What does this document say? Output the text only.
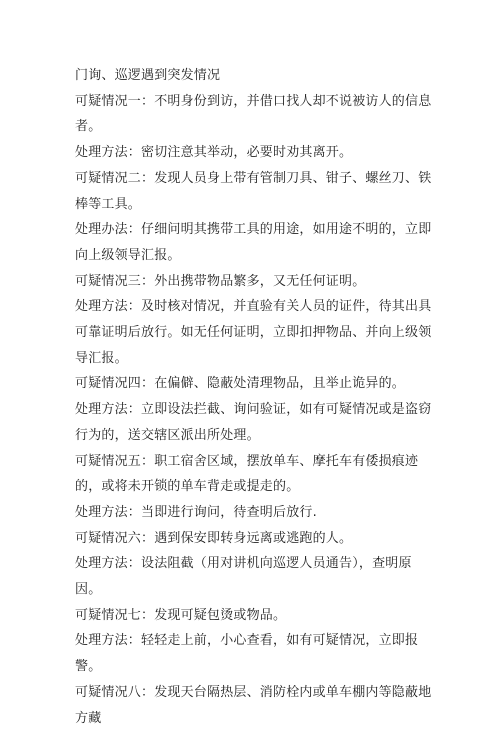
门询、巡逻遇到突发情况

可疑情况一：不明身份到访，并借口找人却不说被访人的信息者。

处理方法：密切注意其举动，必要时劝其离开。

可疑情况二：发现人员身上带有管制刀具、钳子、螺丝刀、铁棒等工具。

处理办法：仔细问明其携带工具的用途，如用途不明的，立即向上级领导汇报。

可疑情况三：外出携带物品繁多，又无任何证明。

处理方法：及时核对情况，并直验有关人员的证件，待其出具可靠证明后放行。如无任何证明，立即扣押物品、并向上级领导汇报。

可疑情况四：在偏僻、隐蔽处清理物品，且举止诡异的。

处理方法：立即设法拦截、询问验证，如有可疑情况或是盗窃行为的，送交辖区派出所处理。

可疑情况五：职工宿舍区域，摆放单车、摩托车有倭损痕迹的，或将未开锁的单车背走或提走的。

处理方法：当即进行询问，待查明后放行.

可疑情况六：遇到保安即转身远离或逃跑的人。

处理方法：设法阻截（用对讲机向巡逻人员通告），查明原因。

可疑情况七：发现可疑包烫或物品。

处理方法：轻轻走上前，小心查看，如有可疑情况，立即报警。

可疑情况八：发现天台隔热层、消防栓内或单车棚内等隐蔽地方藏
